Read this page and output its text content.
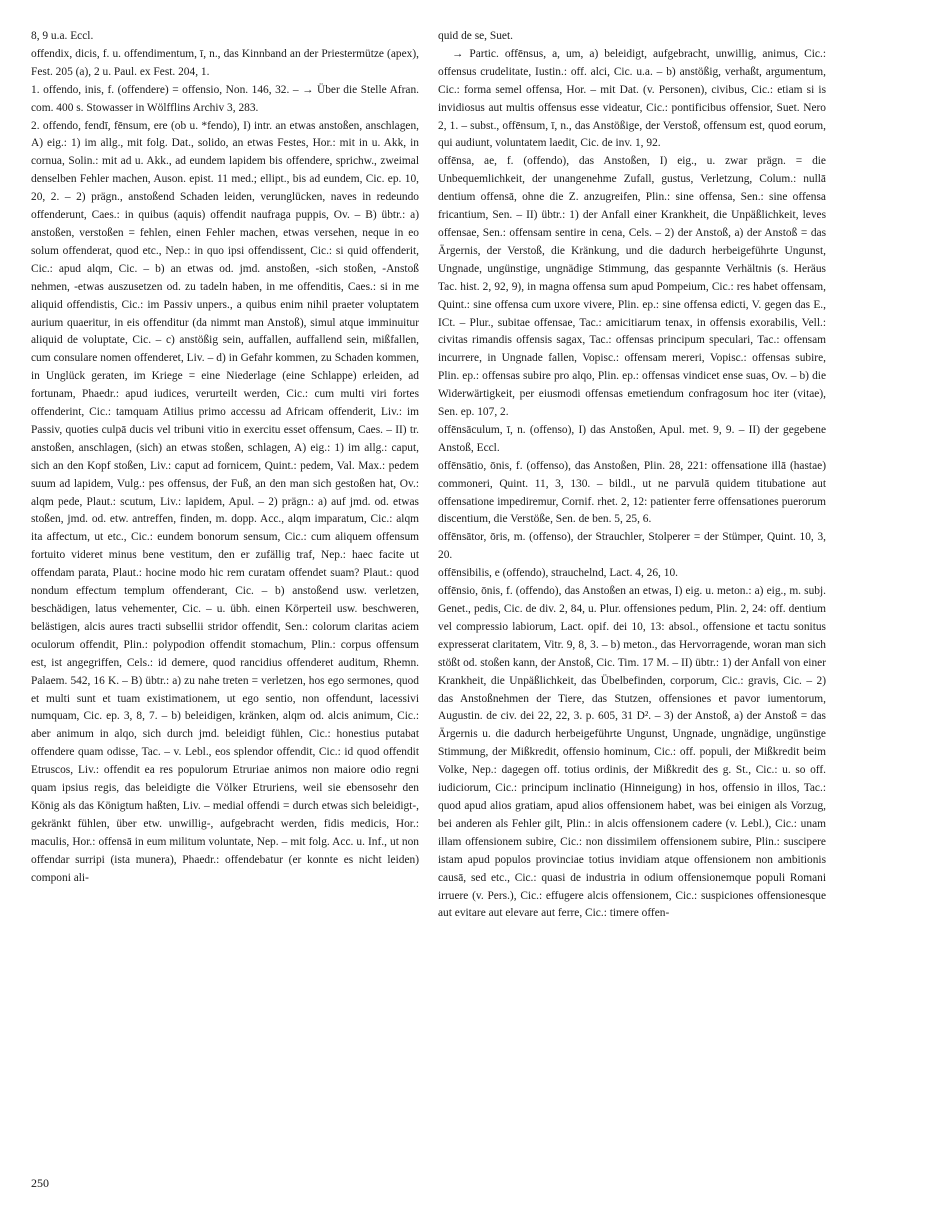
8, 9 u.a. Eccl.

offendix, dicis, f. u. offendimentum, ī, n., das Kinnband an der Priestermütze (apex), Fest. 205 (a), 2 u. Paul. ex Fest. 204, 1.

1. offendo, inis, f. (offendere) = offensio, Non. 146, 32. – → Über die Stelle Afran. com. 400 s. Stowasser in Wölfflins Archiv 3, 283.

2. offendo, fendī, fēnsum, ere (ob u. *fendo), I) intr. an etwas anstoßen, anschlagen, A) eig.: 1) im allg., mit folg. Dat., solido, an etwas Festes, Hor.: mit in u. Akk, in cornua, Solin.: mit ad u. Akk., ad eundem lapidem bis offendere, sprichw., zweimal denselben Fehler machen, Auson. epist. 11 med.; ellipt., bis ad eundem, Cic. ep. 10, 20, 2. – 2) prägn., anstoßend Schaden leiden, verunglücken, naves in redeundo offenderunt, Caes.: in quibus (aquis) offendit naufraga puppis, Ov. – B) übtr.: a) anstoßen, verstoßen = fehlen, einen Fehler machen, etwas versehen, neque in eo solum offenderat, quod etc., Nep.: in quo ipsi offendissent, Cic.: si quid offenderit, Cic.: apud alqm, Cic. – b) an etwas od. jmd. anstoßen, -sich stoßen, -Anstoß nehmen, -etwas auszusetzen od. zu tadeln haben, in me offenditis, Caes.: si in me aliquid offendistis, Cic.: im Passiv unpers., a quibus enim nihil praeter voluptatem aurium quaeritur, in eis offenditur (da nimmt man Anstoß), simul atque imminuitur aliquid de voluptate, Cic. – c) anstößig sein, auffallen, auffallend sein, mißfallen, cum consulare nomen offenderet, Liv. – d) in Gefahr kommen, zu Schaden kommen, in Unglück geraten, im Kriege = eine Niederlage (eine Schlappe) erleiden, ad fortunam, Phaedr.: apud iudices, verurteilt werden, Cic.: cum multi viri fortes offenderint, Cic.: tamquam Atilius primo accessu ad Africam offenderit, Liv.: im Passiv, quoties culpā ducis vel tribuni vitio in exercitu esset offensum, Caes. – II) tr. anstoßen, anschlagen, (sich) an etwas stoßen, schlagen, A) eig.: 1) im allg.: caput, sich an den Kopf stoßen, Liv.: caput ad fornicem, Quint.: pedem, Val. Max.: pedem suum ad lapidem, Vulg.: pes offensus, der Fuß, an den man sich gestoßen hat, Ov.: alqm pede, Plaut.: scutum, Liv.: lapidem, Apul. – 2) prägn.: a) auf jmd. od. etwas stoßen, jmd. od. etw. antreffen, finden, m. dopp. Acc., alqm imparatum, Cic.: alqm ita affectum, ut etc., Cic.: eundem bonorum sensum, Cic.: cum aliquem offensum fortuito videret minus bene vestitum, den er zufällig traf, Nep.: haec facite ut offendam parata, Plaut.: hocine modo hic rem curatam offendet suam? Plaut.: quod nondum effectum templum offenderant, Cic. – b) anstoßend usw. verletzen, beschädigen, latus vehementer, Cic. – u. übh. einen Körperteil usw. beschweren, belästigen, alcis aures tracti subsellii stridor offendit, Sen.: colorum claritas aciem oculorum offendit, Plin.: polypodion offendit stomachum, Plin.: corpus offensum est, ist angegriffen, Cels.: id demere, quod rancidius offenderet auditum, Rhemn. Palaem. 542, 16 K. – B) übtr.: a) zu nahe treten = verletzen, hos ego sermones, quod et multi sunt et tuam existimationem, ut ego sentio, non offendunt, lacessivi numquam, Cic. ep. 3, 8, 7. – b) beleidigen, kränken, alqm od. alcis animum, Cic.: aber animum in alqo, sich durch jmd. beleidigt fühlen, Cic.: honestius putabat offendere quam odisse, Tac. – v. Lebl., eos splendor offendit, Cic.: id quod offendit Etruscos, Liv.: offendit ea res populorum Etruriae animos non maiore odio regni quam ipsius regis, das beleidigte die Völker Etruriens, weil sie ebensosehr den König als das Königtum haßten, Liv. – medial offendi = durch etwas sich beleidigt-, gekränkt fühlen, über etw. unwillig-, aufgebracht werden, fidis medicis, Hor.: maculis, Hor.: offensā in eum militum voluntate, Nep. – mit folg. Acc. u. Inf., ut non offendar surripi (ista munera), Phaedr.: offendebatur (er konnte es nicht leiden) componi ali-

quid de se, Suet.

→ Partic. offēnsus, a, um, a) beleidigt, aufgebracht, unwillig, animus, Cic.: offensus crudelitate, Iustin.: off. alci, Cic. u.a. – b) anstößig, verhaßt, argumentum, Cic.: forma semel offensa, Hor. – mit Dat. (v. Personen), civibus, Cic.: etiam si is invidiosus aut multis offensus esse videatur, Cic.: pontificibus offensior, Suet. Nero 2, 1. – subst., offēnsum, ī, n., das Anstößige, der Verstoß, offensum est, quod eorum, qui audiunt, voluntatem laedit, Cic. de inv. 1, 92.

offēnsa, ae, f. (offendo), das Anstoßen, I) eig., u. zwar prägn. = die Unbequemlichkeit, der unangenehme Zufall, gustus, Verletzung, Colum.: nullā dentium offensā, ohne die Z. anzugreifen, Plin.: sine offensa, Sen.: sine offensa fricantium, Sen. – II) übtr.: 1) der Anfall einer Krankheit, die Unpäßlichkeit, leves offensae, Sen.: offensam sentire in cena, Cels. – 2) der Anstoß, a) der Anstoß = das Ärgernis, der Verstoß, die Kränkung, und die dadurch herbeigeführte Ungunst, Ungnade, ungünstige, ungnädige Stimmung, das gespannte Verhältnis (s. Heräus Tac. hist. 2, 92, 9), in magna offensa sum apud Pompeium, Cic.: res habet offensam, Quint.: sine offensa cum uxore vivere, Plin. ep.: sine offensa edicti, V. gegen das E., ICt. – Plur., subitae offensae, Tac.: amicitiarum tenax, in offensis exorabilis, Vell.: civitas rimandis offensis sagax, Tac.: offensas principum speculari, Tac.: offensam incurrere, in Ungnade fallen, Vopisc.: offensam mereri, Vopisc.: offensas subire, Plin. ep.: offensas subire pro alqo, Plin. ep.: offensas vindicet ense suas, Ov. – b) die Widerwärtigkeit, per eiusmodi offensas emetiendum confragosum hoc iter (vitae), Sen. ep. 107, 2.

offēnsāculum, ī, n. (offenso), I) das Anstoßen, Apul. met. 9, 9. – II) der gegebene Anstoß, Eccl.

offēnsātio, ōnis, f. (offenso), das Anstoßen, Plin. 28, 221: offensatione illā (hastae) commoneri, Quint. 11, 3, 130. – bildl., ut ne parvulā quidem titubatione aut offensatione impediremur, Cornif. rhet. 2, 12: patienter ferre offensationes puerorum discentium, die Verstöße, Sen. de ben. 5, 25, 6.

offēnsātor, ōris, m. (offenso), der Strauchler, Stolperer = der Stümper, Quint. 10, 3, 20.

offēnsibilis, e (offendo), strauchelnd, Lact. 4, 26, 10.

offēnsio, ōnis, f. (offendo), das Anstoßen an etwas, I) eig. u. meton.: a) eig., m. subj. Genet., pedis, Cic. de div. 2, 84, u. Plur. offensiones pedum, Plin. 2, 24: off. dentium vel compressio labiorum, Lact. opif. dei 10, 13: absol., offensione et tactu sonitus expresserat claritatem, Vitr. 9, 8, 3. – b) meton., das Hervorragende, woran man sich stößt od. stoßen kann, der Anstoß, Cic. Tim. 17 M. – II) übtr.: 1) der Anfall von einer Krankheit, die Unpäßlichkeit, das Übelbefinden, corporum, Cic.: gravis, Cic. – 2) das Anstoßnehmen der Tiere, das Stutzen, offensiones et pavor iumentorum, Augustin. de civ. dei 22, 22, 3. p. 605, 31 D². – 3) der Anstoß, a) der Anstoß = das Ärgernis u. die dadurch herbeigeführte Ungunst, Ungnade, ungnädige, ungünstige Stimmung, der Mißkredit, offensio hominum, Cic.: off. populi, der Mißkredit beim Volke, Nep.: dagegen off. totius ordinis, der Mißkredit des g. St., Cic.: u. so off. iudiciorum, Cic.: principum inclinatio (Hinneigung) in hos, offensio in illos, Tac.: quod apud alios gratiam, apud alios offensionem habet, was bei einigen als Vorzug, bei anderen als Fehler gilt, Plin.: in alcis offensionem cadere (v. Lebl.), Cic.: unam illam offensionem subire, Cic.: non dissimilem offensionem subire, Plin.: suscipere istam apud populos provinciae totius invidiam atque offensionem non ambitionis causā, sed etc., Cic.: quasi de industria in odium offensionemque populi Romani irruere (v. Pers.), Cic.: effugere alcis offensionem, Cic.: suspiciones offensionesque aut evitare aut elevare aut ferre, Cic.: timere offen-

250
